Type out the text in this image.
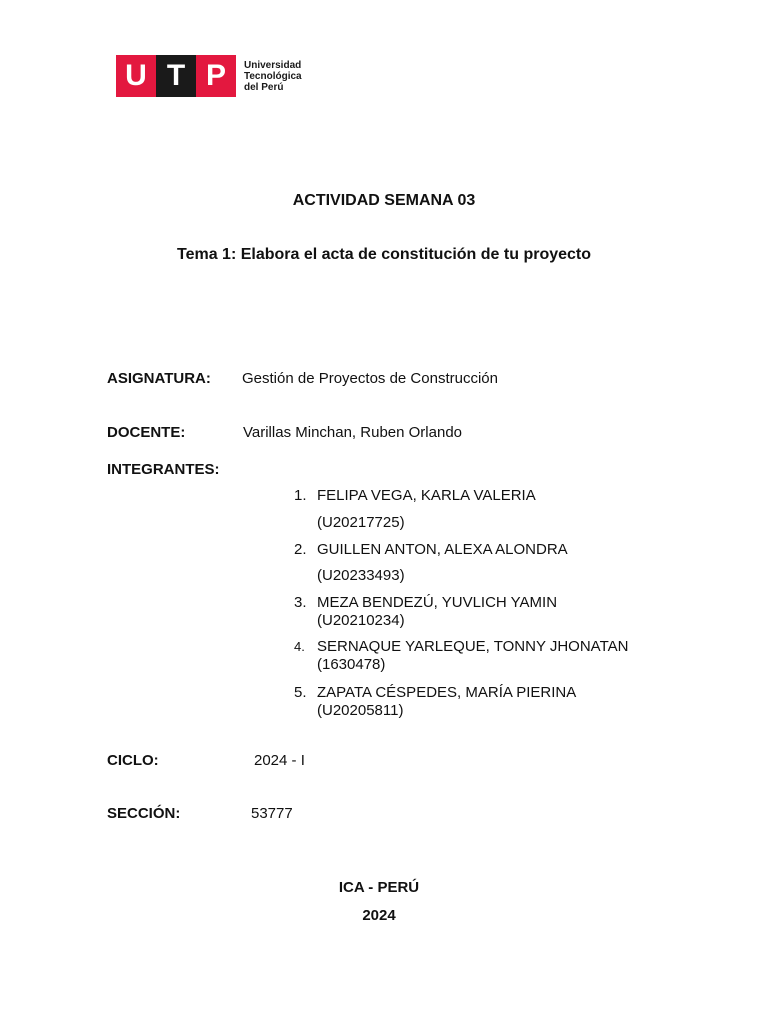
U T P	Universidad
Tecnológica
del Perú
ACTIVIDAD SEMANA 03
Tema 1: Elabora el acta de constitución de tu proyecto
ASIGNATURA: Gestión de Proyectos de Construcción
DOCENTE:	Varillas Minchan, Ruben Orlando
INTEGRANTES:
1. FELIPA VEGA, KARLA VALERIA
(U20217725)
2. GUILLEN ANTON, ALEXA ALONDRA
(U20233493)
3. MEZA BENDEZÚ, YUVLICH YAMIN
(U20210234)
4. SERNAQUE YARLEQUE, TONNY JHONATAN
(1630478)
5. ZAPATA CÉSPEDES, MARÍA PIERINA
(U20205811)
CICLO:	2024 - I
SECCIÓN:	53777
ICA - PERÚ
2024
